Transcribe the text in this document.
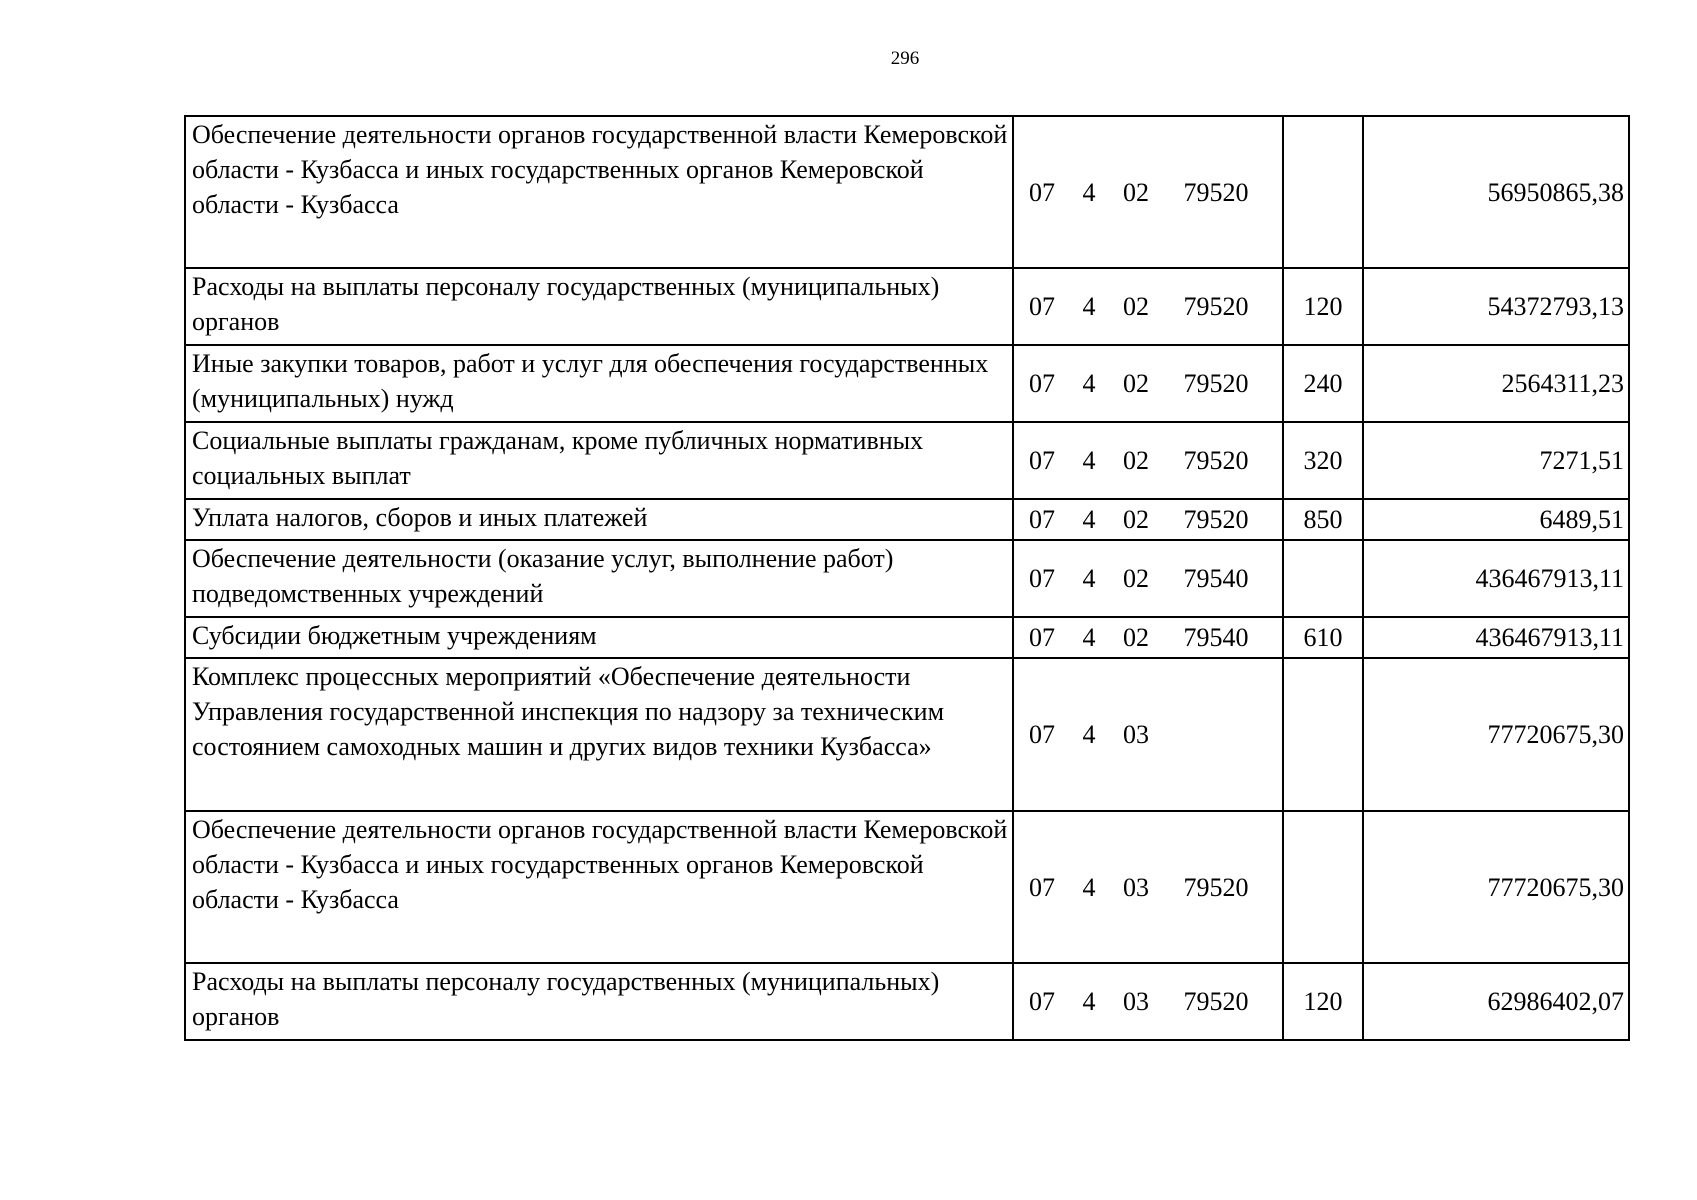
296
Обеспечение деятельности органов государственной власти Кемеровской области - Кузбасса и иных государственных органов Кемеровской области - Кузбасса	07 4 02 79520		56950865,38
Расходы на выплаты персоналу государственных (муниципальных) органов	07 4 02 79520	120	54372793,13
Иные закупки товаров, работ и услуг для обеспечения государственных (муниципальных) нужд	07 4 02 79520	240	2564311,23
Социальные выплаты гражданам, кроме публичных нормативных социальных выплат	07 4 02 79520	320	7271,51
Уплата налогов, сборов и иных платежей	07 4 02 79520	850	6489,51
Обеспечение деятельности (оказание услуг, выполнение работ) подведомственных учреждений	07 4 02 79540		436467913,11
Субсидии бюджетным учреждениям	07 4 02 79540	610	436467913,11
Комплекс процессных мероприятий «Обеспечение деятельности Управления государственной инспекция по надзору за техническим состоянием самоходных машин и других видов техники Кузбасса»	07 4 03		77720675,30
Обеспечение деятельности органов государственной власти Кемеровской области - Кузбасса и иных государственных органов Кемеровской области - Кузбасса	07 4 03 79520		77720675,30
Расходы на выплаты персоналу государственных (муниципальных) органов	07 4 03 79520	120	62986402,07
